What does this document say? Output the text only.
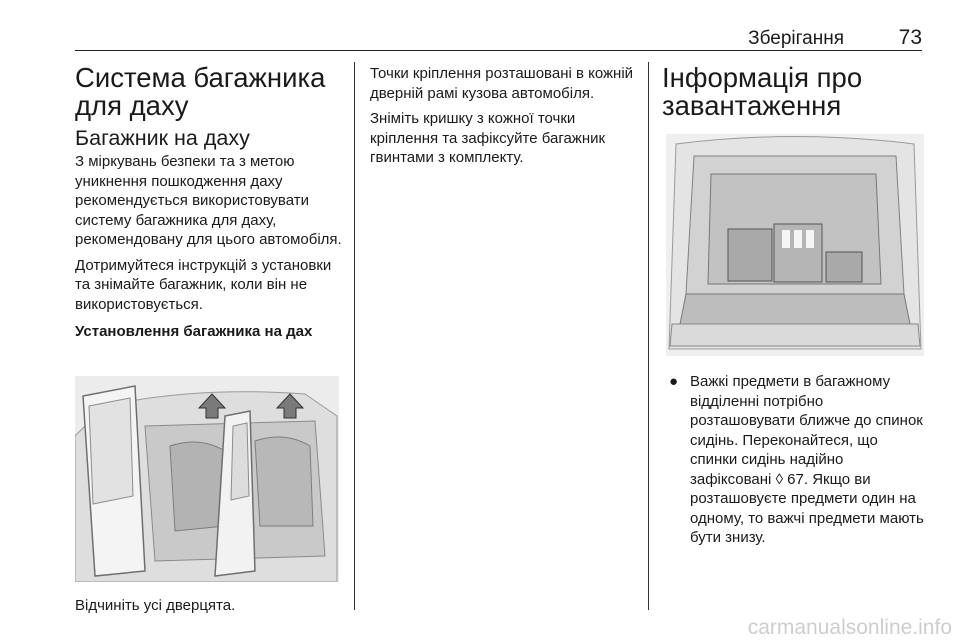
Зберігання	73
Система багажника для даху
Багажник на даху

З міркувань безпеки та з метою уникнення пошкодження даху рекомендується використовувати систему багажника для даху, рекомендовану для цього автомобіля.

Дотримуйтеся інструкцій з установки та знімайте багажник, коли він не використовується.

Установлення багажника на дах

Відчиніть усі дверцята.

Точки кріплення розташовані в кожній дверній рамі кузова автомобіля.

Зніміть кришку з кожної точки кріплення та зафіксуйте багажник гвинтами з комплекту.

Інформація про завантаження
● Важкі предмети в багажному відділенні потрібно розташовувати ближче до спинок сидінь. Переконайтеся, що спинки сидінь надійно зафіксовані ◊ 67. Якщо ви розташовуєте предмети один на одному, то важчі предмети мають бути знизу.
carmanualsonline.info
